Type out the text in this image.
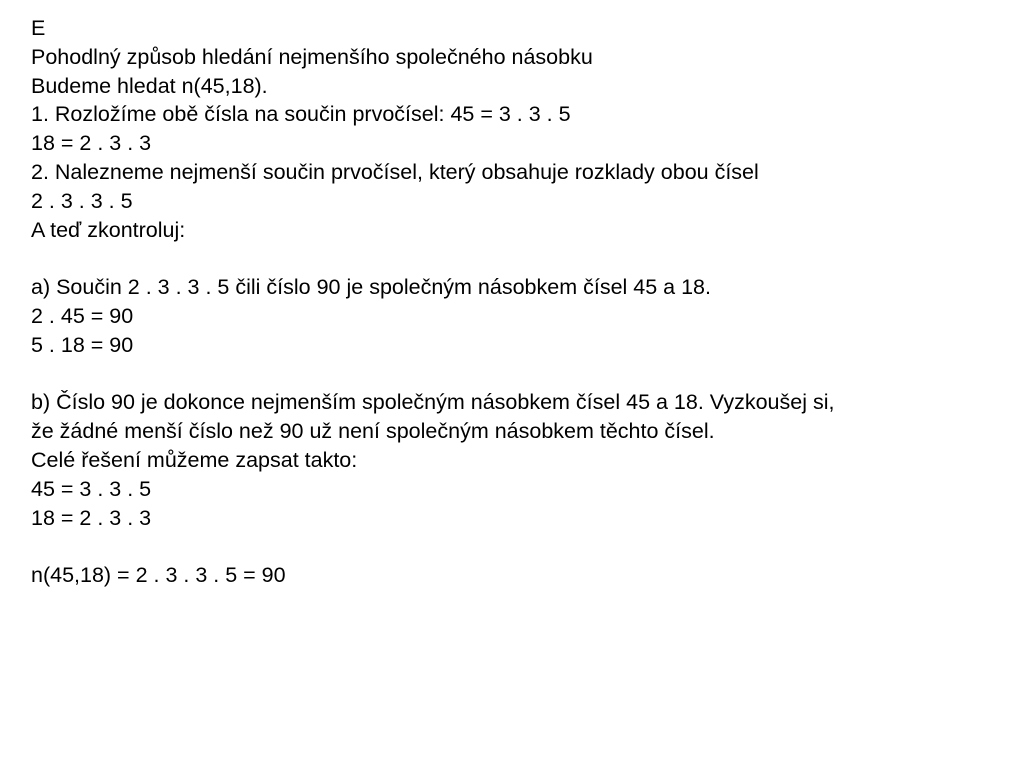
E
Pohodlný způsob hledání nejmenšího společného násobku
Budeme hledat n(45,18).
1. Rozložíme obě čísla na součin prvočísel: 45 = 3 . 3 . 5
18 = 2 . 3 . 3
2. Nalezneme nejmenší součin prvočísel, který obsahuje rozklady obou čísel
2 . 3 . 3 . 5
A teď zkontroluj:
a) Součin 2 . 3 . 3 . 5 čili číslo 90 je společným násobkem čísel 45 a 18.
2 . 45 = 90
5 . 18 = 90
b) Číslo 90 je dokonce nejmenším společným násobkem čísel 45 a 18. Vyzkoušej si,
že žádné menší číslo než 90 už není společným násobkem těchto čísel.
Celé řešení můžeme zapsat takto:
45 = 3 . 3 . 5
18 = 2 . 3 . 3
n(45,18) = 2 . 3 . 3 . 5 = 90
